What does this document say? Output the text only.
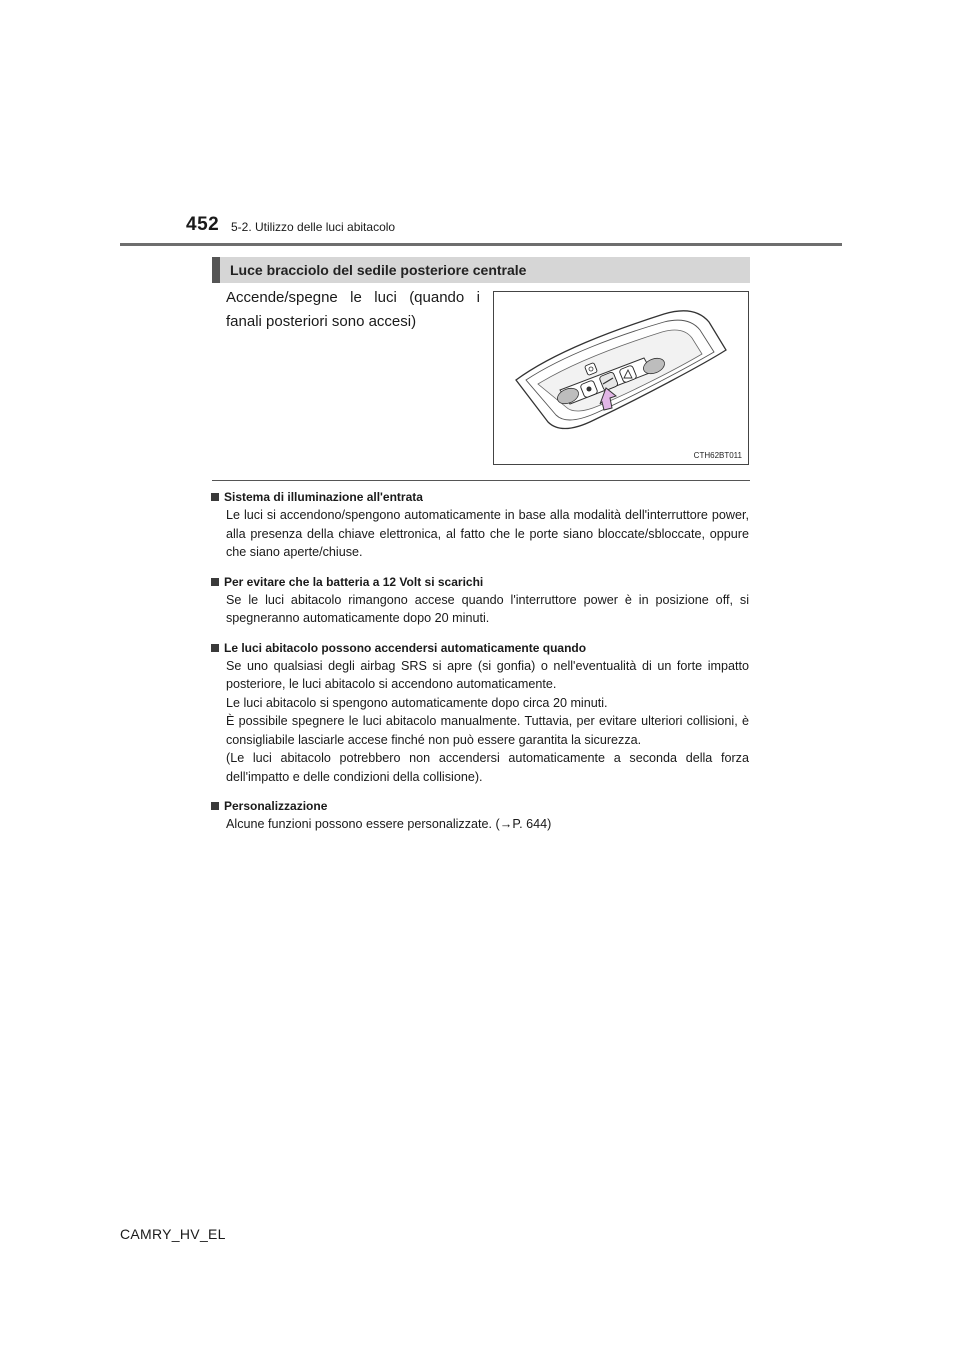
452 5-2. Utilizzo delle luci abitacolo
Luce bracciolo del sedile posteriore centrale
Accende/spegne le luci (quando i fanali posteriori sono accesi)
CTH62BT011
Sistema di illuminazione all'entrata

Le luci si accendono/spengono automaticamente in base alla modalità dell'interruttore power, alla presenza della chiave elettronica, al fatto che le porte siano bloccate/sbloccate, oppure che siano aperte/chiuse.

Per evitare che la batteria a 12 Volt si scarichi

Se le luci abitacolo rimangono accese quando l'interruttore power è in posizione off, si spegneranno automaticamente dopo 20 minuti.

Le luci abitacolo possono accendersi automaticamente quando

Se uno qualsiasi degli airbag SRS si apre (si gonfia) o nell'eventualità di un forte impatto posteriore, le luci abitacolo si accendono automaticamente.

Le luci abitacolo si spengono automaticamente dopo circa 20 minuti.

È possibile spegnere le luci abitacolo manualmente. Tuttavia, per evitare ulteriori collisioni, è consigliabile lasciarle accese finché non può essere garantita la sicurezza.

(Le luci abitacolo potrebbero non accendersi automaticamente a seconda della forza dell'impatto e delle condizioni della collisione).

Personalizzazione

Alcune funzioni possono essere personalizzate. (→P. 644)

CAMRY_HV_EL
